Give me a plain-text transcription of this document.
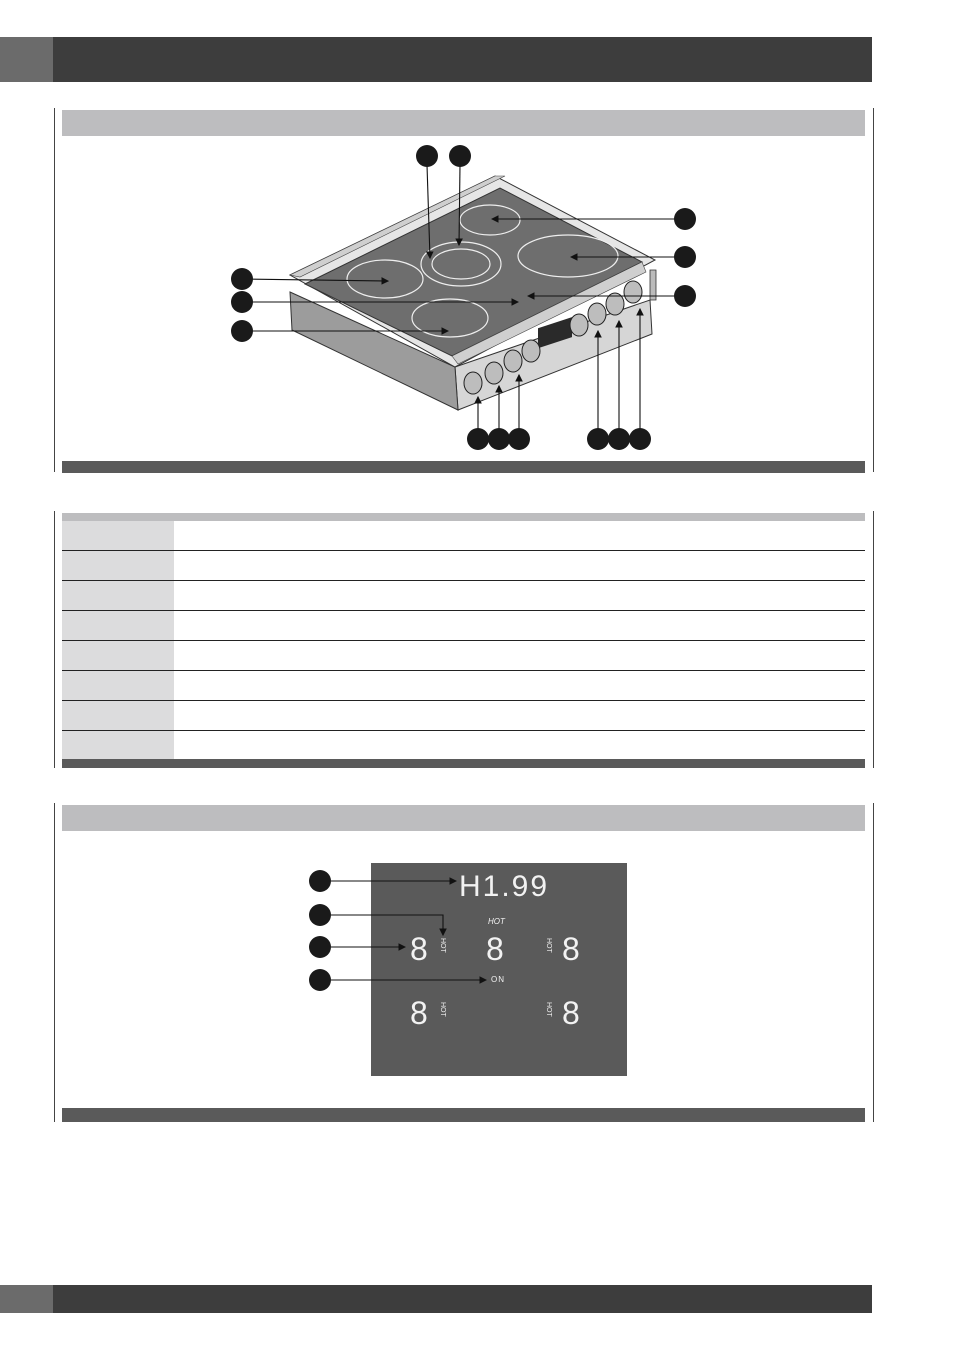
H1.99
HOT
8 8 8
8	8
HOT	HOT
HOT	HOT
ON
